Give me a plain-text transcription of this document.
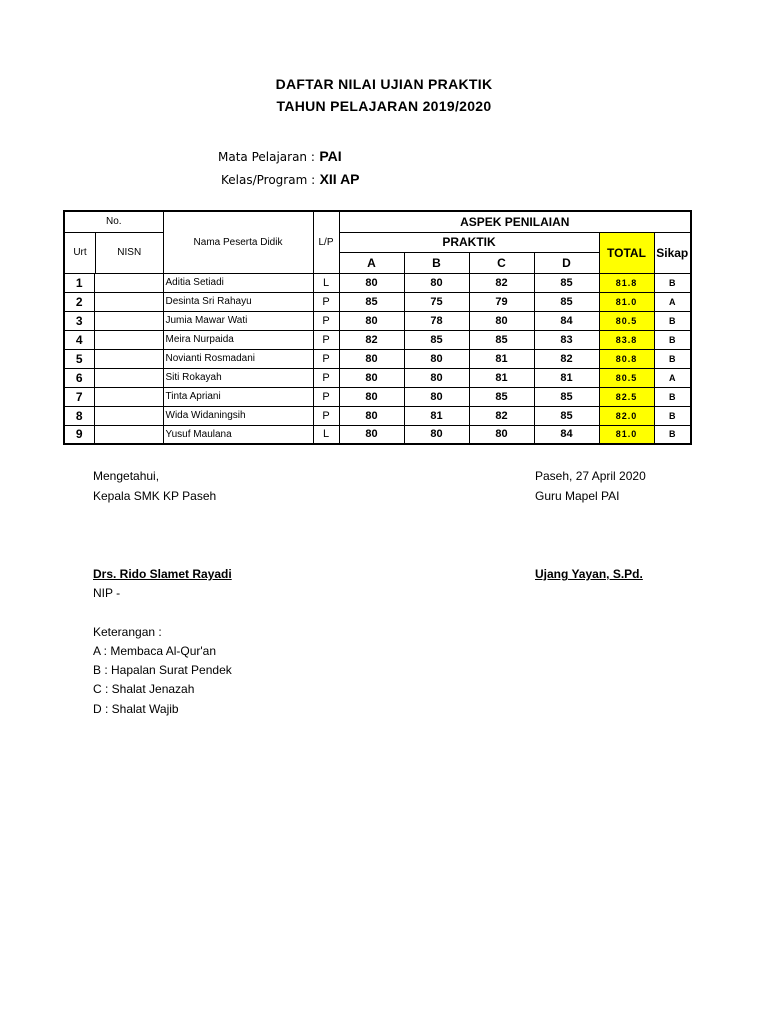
DAFTAR NILAI UJIAN PRAKTIK
TAHUN PELAJARAN 2019/2020
Mata Pelajaran : PAI
Kelas/Program : XII AP
No.		Nama Peserta Didik	L/P	ASPEK PENILAIAN					

Urt NISN				PRAKTIK				TOTAL	Sikap
				A	B	C	D		
1		Aditia Setiadi	L	80	80	82	85	81.8	B
2		Desinta Sri Rahayu	P	85	75	79	85	81.0	A
3		Jumia Mawar Wati	P	80	78	80	84	80.5	B
4		Meira Nurpaida	P	82	85	85	83	83.8	B
5		Novianti Rosmadani	P	80	80	81	82	80.8	B
6		Siti Rokayah	P	80	80	81	81	80.5	A
7		Tinta Apriani	P	80	80	85	85	82.5	B
8		Wida Widaningsih	P	80	81	82	85	82.0	B
9		Yusuf Maulana	L	80	80	80	84	81.0	B
Mengetahui,
Kepala SMK KP Paseh
Paseh, 27 April 2020
Guru Mapel PAI
Drs. Rido Slamet Rayadi	Ujang Yayan, S.Pd.
NIP -
Keterangan :
A : Membaca Al-Qur'an
B : Hapalan Surat Pendek
C : Shalat Jenazah
D : Shalat Wajib
